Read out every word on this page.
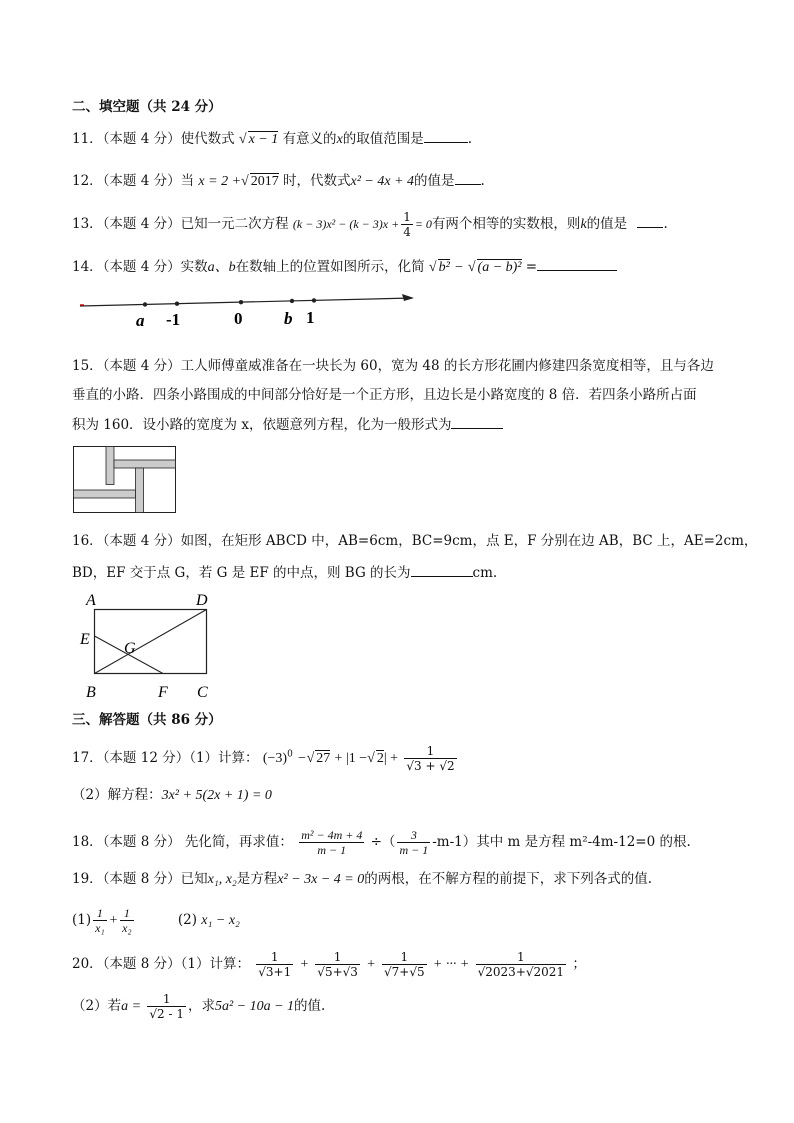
二、填空题（共 24 分）
11．（本题 4 分）使代数式 √ x − 1 有意义的x的取值范围是	.
12．（本题 4 分）当 x = 2 +√ 2017 时，代数式x² − 4x + 4的值是 .
13．（本题 4 分）已知一元二次方程 $(k - 3)x^2 - (k - 3)x + \frac{1}{4} = 0$有两个相等的实数根，则k的值是	.
14．（本题 4 分）实数a、b在数轴上的位置如图所示，化简 √ b² − √ (a − b)² =
a -1	0 b 1
15．（本题 4 分）工人师傅童威准备在一块长为 60，宽为 48 的长方形花圃内修建四条宽度相等，且与各边
垂直的小路．四条小路围成的中间部分恰好是一个正方形，且边长是小路宽度的 8 倍．若四条小路所占面
积为 160．设小路的宽度为 x，依题意列方程，化为一般形式为
16．（本题 4 分）如图，在矩形 ABCD 中，AB=6cm，BC=9cm，点 E，F 分别在边 AB，BC 上，AE=2cm，
BD，EF 交于点 G，若 G 是 EF 的中点，则 BG 的长为	cm.
A	D
E
G
B	F C
三、解答题（共 86 分）
17．（本题 12 分）（1）计算： $(-3)^0$ −√ 27 + |1 −√ $2| + \frac{1}{√3 + √2}$
（2）解方程：3x² + 5(2x + 1) = 0
18．（本题 8 分） 先化简，再求值： $\frac{\text{m² − 4m + 4}}{m - 1}$ ÷（ $\frac{3}{m - 1} -m-1$）其中 m 是方程 m²-4m-12=0 的根.
19．（本题 8 分）已知x₁, x₂是方程x² − 3x − 4 = 0的两根，在不解方程的前提下，求下列各式的值.
$(1) \frac{1}{\text{x₁}} + \frac{1}{\text{x₂}}$	(2) x₁ − x₂
20．（本题 8 分）（1）计算： $\frac{1}{√3+1} + \frac{1}{√5+√3} + \frac{1}{√7+√5}$ + ··· + $\frac{1}{√2023+√2021}$ ；
（2）若$a = \frac{1}{√2 - 1}$ ，求5a² − 10a − 1的值.
